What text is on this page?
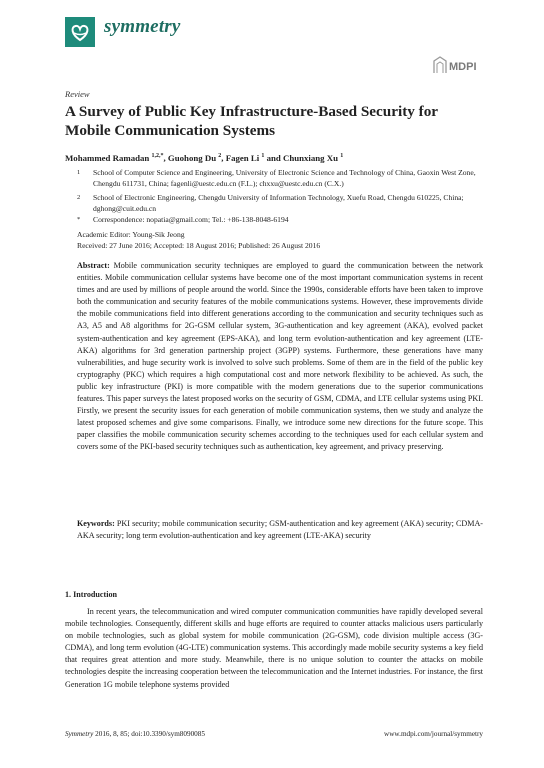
symmetry
MDPI
Review
A Survey of Public Key Infrastructure-Based Security for Mobile Communication Systems
Mohammed Ramadan $^{1,2,*}$, Guohong Du $^2$, Fagen Li $^1$ and Chunxiang Xu $^1$
1 School of Computer Science and Engineering, University of Electronic Science and Technology of China, Gaoxin West Zone, Chengdu 611731, China; fagenli@uestc.edu.cn (F.L.); chxxu@uestc.edu.cn (C.X.)
2 School of Electronic Engineering, Chengdu University of Information Technology, Xuefu Road, Chengdu 610225, China; dghong@cuit.edu.cn
* Correspondence: nopatia@gmail.com; Tel.: +86-138-8048-6194
Academic Editor: Young-Sik Jeong
Received: 27 June 2016; Accepted: 18 August 2016; Published: 26 August 2016
Abstract: Mobile communication security techniques are employed to guard the communication between the network entities. Mobile communication cellular systems have become one of the most important communication systems in recent times and are used by millions of people around the world. Since the 1990s, considerable efforts have been taken to improve both the communication and security features of the mobile communications systems. However, these improvements divide the mobile communications field into different generations according to the communication and security techniques such as A3, A5 and A8 algorithms for 2G-GSM cellular system, 3G-authentication and key agreement (AKA), evolved packet system-authentication and key agreement (EPS-AKA), and long term evolution-authentication and key agreement (LTE-AKA) algorithms for 3rd generation partnership project (3GPP) systems. Furthermore, these generations have many vulnerabilities, and huge security work is involved to solve such problems. Some of them are in the field of the public key cryptography (PKC) which requires a high computational cost and more network flexibility to be achieved. As such, the public key infrastructure (PKI) is more compatible with the modern generations due to the superior communications features. This paper surveys the latest proposed works on the security of GSM, CDMA, and LTE cellular systems using PKI. Firstly, we present the security issues for each generation of mobile communication systems, then we study and analyze the latest proposed schemes and give some comparisons. Finally, we introduce some new directions for the future scope. This paper classifies the mobile communication security schemes according to the techniques used for each cellular system and covers some of the PKI-based security techniques such as authentication, key agreement, and privacy preserving.
Keywords: PKI security; mobile communication security; GSM-authentication and key agreement (AKA) security; CDMA-AKA security; long term evolution-authentication and key agreement (LTE-AKA) security
1. Introduction
In recent years, the telecommunication and wired computer communication communities have rapidly developed several mobile technologies. Consequently, different skills and huge efforts are required to counter attacks malicious users particularly on mobile technologies, such as global system for mobile communication (2G-GSM), code division multiple access (3G-CDMA), and long term evolution (4G-LTE) communication systems. This accordingly made mobile security systems a key field that requires great attention and more study. Meanwhile, there is no unique solution to counter the attacks on mobile technologies despite the increasing cooperation between the telecommunication and the Internet industries. For instance, the first Generation 1G mobile telephone systems provided
Symmetry 2016, 8, 85; doi:10.3390/sym8090085	www.mdpi.com/journal/symmetry
